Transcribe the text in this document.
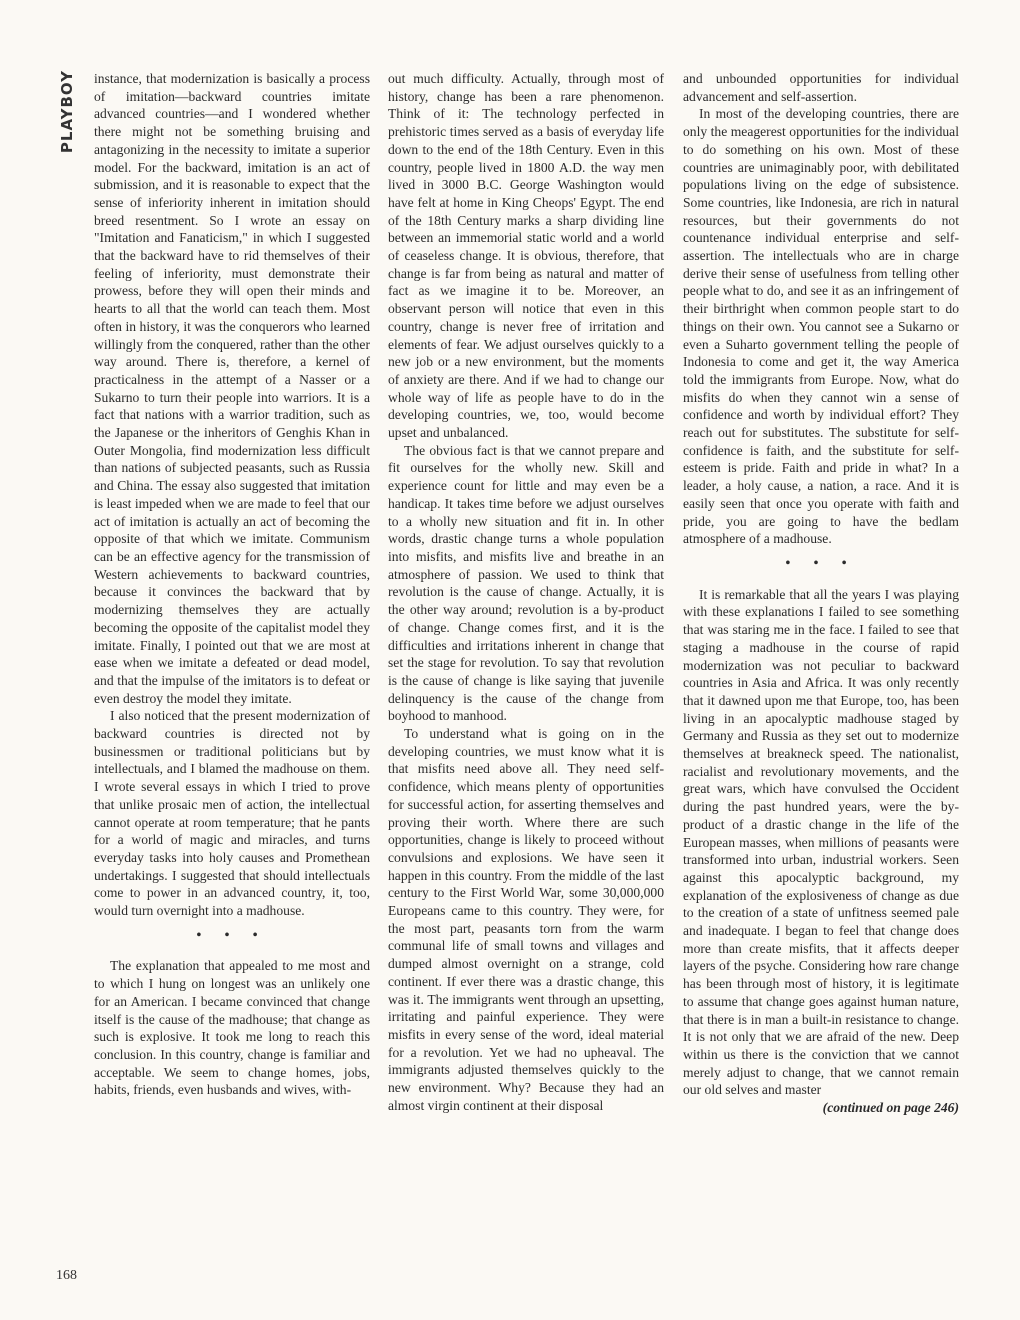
PLAYBOY instance, that modernization is basically a process of imitation—backward countries imitate advanced countries—and I wondered whether there might not be something bruising and antagonizing in the necessity to imitate a superior model. For the backward, imitation is an act of submission, and it is reasonable to expect that the sense of inferiority inherent in imitation should breed resentment. So I wrote an essay on "Imitation and Fanaticism," in which I suggested that the backward have to rid themselves of their feeling of inferiority, must demonstrate their prowess, before they will open their minds and hearts to all that the world can teach them. Most often in history, it was the conquerors who learned willingly from the conquered, rather than the other way around. There is, therefore, a kernel of practicalness in the attempt of a Nasser or a Sukarno to turn their people into warriors. It is a fact that nations with a warrior tradition, such as the Japanese or the inheritors of Genghis Khan in Outer Mongolia, find modernization less difficult than nations of subjected peasants, such as Russia and China. The essay also suggested that imitation is least impeded when we are made to feel that our act of imitation is actually an act of becoming the opposite of that which we imitate. Communism can be an effective agency for the transmission of Western achievements to backward countries, because it convinces the backward that by modernizing themselves they are actually becoming the opposite of the capitalist model they imitate. Finally, I pointed out that we are most at ease when we imitate a defeated or dead model, and that the impulse of the imitators is to defeat or even destroy the model they imitate.

I also noticed that the present modernization of backward countries is directed not by businessmen or traditional politicians but by intellectuals, and I blamed the madhouse on them. I wrote several essays in which I tried to prove that unlike prosaic men of action, the intellectual cannot operate at room temperature; that he pants for a world of magic and miracles, and turns everyday tasks into holy causes and Promethean undertakings. I suggested that should intellectuals come to power in an advanced country, it, too, would turn overnight into a madhouse.

• • •

The explanation that appealed to me most and to which I hung on longest was an unlikely one for an American. I became convinced that change itself is the cause of the madhouse; that change as such is explosive. It took me long to reach this conclusion. In this country, change is familiar and acceptable. We seem to change homes, jobs, habits, friends, even husbands and wives, with-

out much difficulty. Actually, through most of history, change has been a rare phenomenon. Think of it: The technology perfected in prehistoric times served as a basis of everyday life down to the end of the 18th Century. Even in this country, people lived in 1800 A.D. the way men lived in 3000 B.C. George Washington would have felt at home in King Cheops' Egypt. The end of the 18th Century marks a sharp dividing line between an immemorial static world and a world of ceaseless change. It is obvious, therefore, that change is far from being as natural and matter of fact as we imagine it to be. Moreover, an observant person will notice that even in this country, change is never free of irritation and elements of fear. We adjust ourselves quickly to a new job or a new environment, but the moments of anxiety are there. And if we had to change our whole way of life as people have to do in the developing countries, we, too, would become upset and unbalanced.

The obvious fact is that we cannot prepare and fit ourselves for the wholly new. Skill and experience count for little and may even be a handicap. It takes time before we adjust ourselves to a wholly new situation and fit in. In other words, drastic change turns a whole population into misfits, and misfits live and breathe in an atmosphere of passion. We used to think that revolution is the cause of change. Actually, it is the other way around; revolution is a by-product of change. Change comes first, and it is the difficulties and irritations inherent in change that set the stage for revolution. To say that revolution is the cause of change is like saying that juvenile delinquency is the cause of the change from boyhood to manhood.

To understand what is going on in the developing countries, we must know what it is that misfits need above all. They need self-confidence, which means plenty of opportunities for successful action, for asserting themselves and proving their worth. Where there are such opportunities, change is likely to proceed without convulsions and explosions. We have seen it happen in this country. From the middle of the last century to the First World War, some 30,000,000 Europeans came to this country. They were, for the most part, peasants torn from the warm communal life of small towns and villages and dumped almost overnight on a strange, cold continent. If ever there was a drastic change, this was it. The immigrants went through an upsetting, irritating and painful experience. They were misfits in every sense of the word, ideal material for a revolution. Yet we had no upheaval. The immigrants adjusted themselves quickly to the new environment. Why? Because they had an almost virgin continent at their disposal

and unbounded opportunities for individual advancement and self-assertion.

In most of the developing countries, there are only the meagerest opportunities for the individual to do something on his own. Most of these countries are unimaginably poor, with debilitated populations living on the edge of subsistence. Some countries, like Indonesia, are rich in natural resources, but their governments do not countenance individual enterprise and self-assertion. The intellectuals who are in charge derive their sense of usefulness from telling other people what to do, and see it as an infringement of their birthright when common people start to do things on their own. You cannot see a Sukarno or even a Suharto government telling the people of Indonesia to come and get it, the way America told the immigrants from Europe. Now, what do misfits do when they cannot win a sense of confidence and worth by individual effort? They reach out for substitutes. The substitute for self-confidence is faith, and the substitute for self-esteem is pride. Faith and pride in what? In a leader, a holy cause, a nation, a race. And it is easily seen that once you operate with faith and pride, you are going to have the bedlam atmosphere of a madhouse.

• • •

It is remarkable that all the years I was playing with these explanations I failed to see something that was staring me in the face. I failed to see that staging a madhouse in the course of rapid modernization was not peculiar to backward countries in Asia and Africa. It was only recently that it dawned upon me that Europe, too, has been living in an apocalyptic madhouse staged by Germany and Russia as they set out to modernize themselves at breakneck speed. The nationalist, racialist and revolutionary movements, and the great wars, which have convulsed the Occident during the past hundred years, were the by-product of a drastic change in the life of the European masses, when millions of peasants were transformed into urban, industrial workers. Seen against this apocalyptic background, my explanation of the explosiveness of change as due to the creation of a state of unfitness seemed pale and inadequate. I began to feel that change does more than create misfits, that it affects deeper layers of the psyche. Considering how rare change has been through most of history, it is legitimate to assume that change goes against human nature, that there is in man a built-in resistance to change. It is not only that we are afraid of the new. Deep within us there is the conviction that we cannot merely adjust to change, that we cannot remain our old selves and master

(continued on page 246)

168
